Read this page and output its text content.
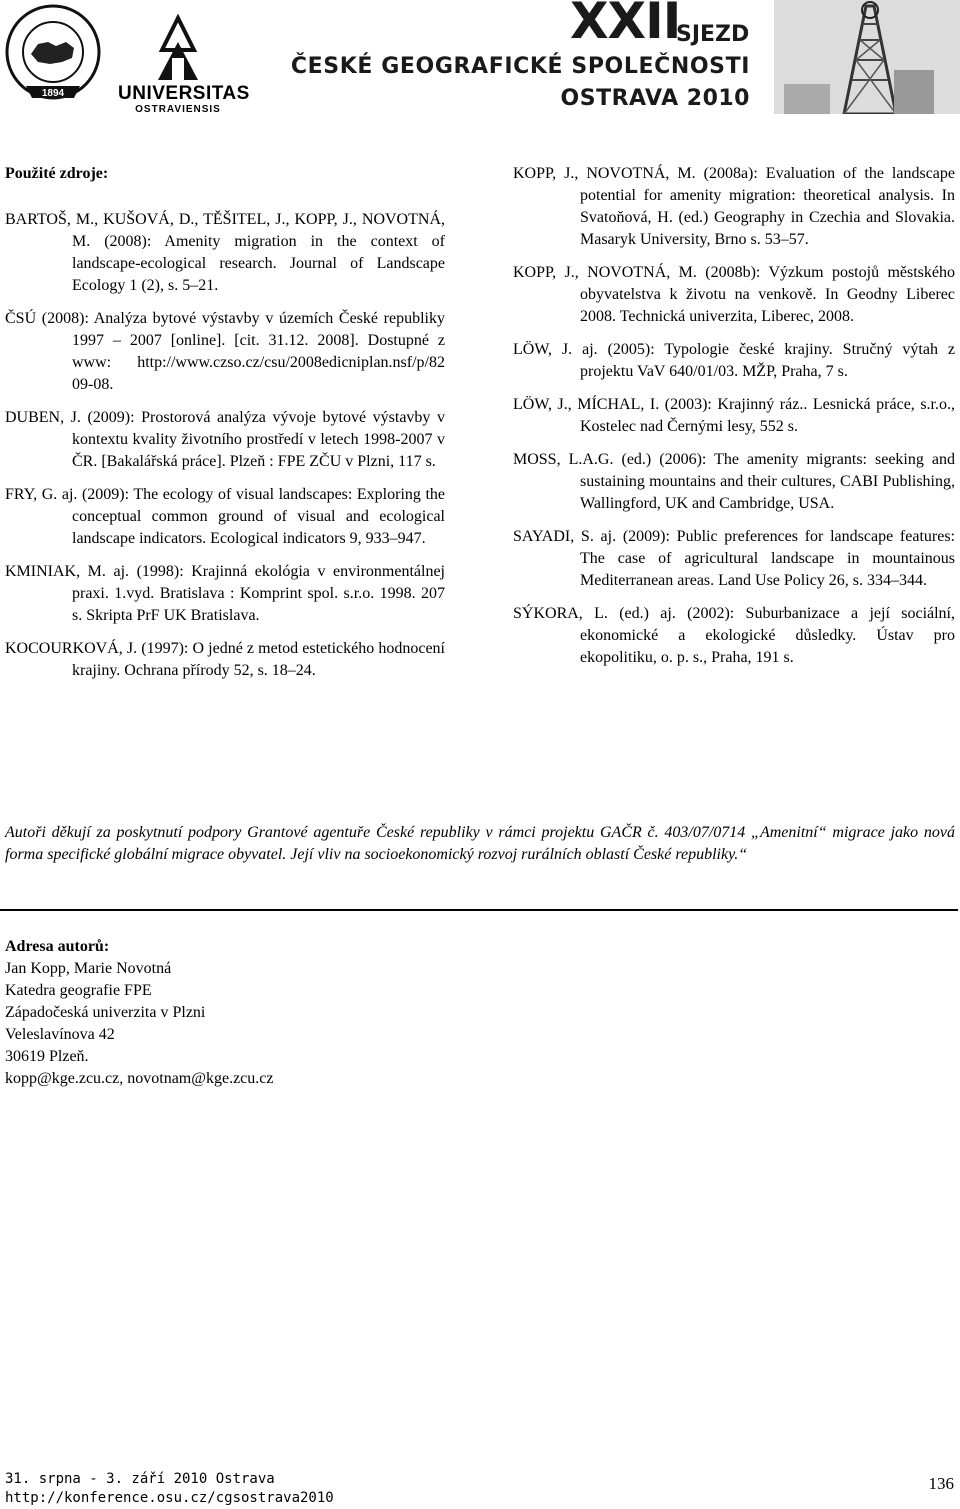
1894	UNIVERSITAS
OSTRAVIENSIS
XXII
SJEZD
ČESKÉ GEOGRAFICKÉ SPOLEČNOSTI
OSTRAVA 2010
Použité zdroje:
BARTOŠ, M., KUŠOVÁ, D., TĚŠITEL, J., KOPP, J., NOVOTNÁ, M. (2008): Amenity migration in the context of landscape-ecological research. Journal of Landscape Ecology 1 (2), s. 5–21.
ČSÚ (2008): Analýza bytové výstavby v územích České republiky 1997 – 2007 [online]. [cit. 31.12. 2008]. Dostupné z www: http://www.czso.cz/csu/2008edicniplan.nsf/p/82 09-08.
DUBEN, J. (2009): Prostorová analýza vývoje bytové výstavby v kontextu kvality životního prostředí v letech 1998-2007 v ČR. [Bakalářská práce]. Plzeň : FPE ZČU v Plzni, 117 s.
FRY, G. aj. (2009): The ecology of visual landscapes: Exploring the conceptual common ground of visual and ecological landscape indicators. Ecological indicators 9, 933–947.
KMINIAK, M. aj. (1998): Krajinná ekológia v environmentálnej praxi. 1.vyd. Bratislava : Komprint spol. s.r.o. 1998. 207 s. Skripta PrF UK Bratislava.
KOCOURKOVÁ, J. (1997): O jedné z metod estetického hodnocení krajiny. Ochrana přírody 52, s. 18–24.
KOPP, J., NOVOTNÁ, M. (2008a): Evaluation of the landscape potential for amenity migration: theoretical analysis. In Svatoňová, H. (ed.) Geography in Czechia and Slovakia. Masaryk University, Brno s. 53–57.
KOPP, J., NOVOTNÁ, M. (2008b): Výzkum postojů městského obyvatelstva k životu na venkově. In Geodny Liberec 2008. Technická univerzita, Liberec, 2008.
LÖW, J. aj. (2005): Typologie české krajiny. Stručný výtah z projektu VaV 640/01/03. MŽP, Praha, 7 s.
LÖW, J., MÍCHAL, I. (2003): Krajinný ráz.. Lesnická práce, s.r.o., Kostelec nad Černými lesy, 552 s.
MOSS, L.A.G. (ed.) (2006): The amenity migrants: seeking and sustaining mountains and their cultures, CABI Publishing, Wallingford, UK and Cambridge, USA.
SAYADI, S. aj. (2009): Public preferences for landscape features: The case of agricultural landscape in mountainous Mediterranean areas. Land Use Policy 26, s. 334–344.
SÝKORA, L. (ed.) aj. (2002): Suburbanizace a její sociální, ekonomické a ekologické důsledky. Ústav pro ekopolitiku, o. p. s., Praha, 191 s.
Autoři děkují za poskytnutí podpory Grantové agentuře České republiky v rámci projektu GAČR č. 403/07/0714 „Amenitní“ migrace jako nová forma specifické globální migrace obyvatel. Její vliv na socioekonomický rozvoj rurálních oblastí České republiky.“
Adresa autorů:
Jan Kopp, Marie Novotná
Katedra geografie FPE
Západočeská univerzita v Plzni
Veleslavínova 42
30619 Plzeň.
kopp@kge.zcu.cz, novotnam@kge.zcu.cz
31. srpna - 3. září 2010 Ostrava
http://konference.osu.cz/cgsostrava2010
136
